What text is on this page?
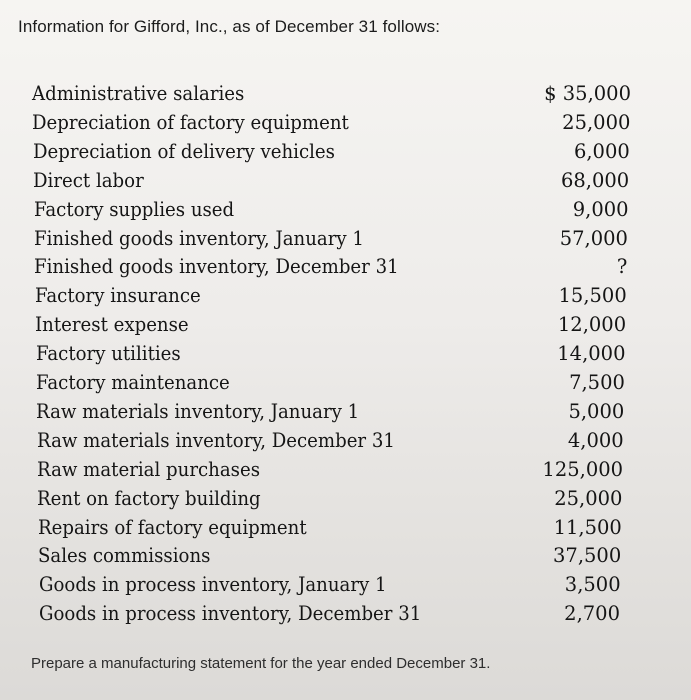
Information for Gifford, Inc., as of December 31 follows:
Administrative salaries	$ 35,000
Depreciation of factory equipment	25,000
Depreciation of delivery vehicles	6,000
Direct labor	68,000
Factory supplies used	9,000
Finished goods inventory, January 1	57,000
Finished goods inventory, December 31	?
Factory insurance	15,500
Interest expense	12,000
Factory utilities	14,000
Factory maintenance	7,500
Raw materials inventory, January 1	5,000
Raw materials inventory, December 31	4,000
Raw material purchases	125,000
Rent on factory building	25,000
Repairs of factory equipment	11,500
Sales commissions	37,500
Goods in process inventory, January 1	3,500
Goods in process inventory, December 31	2,700
Prepare a manufacturing statement for the year ended December 31.
